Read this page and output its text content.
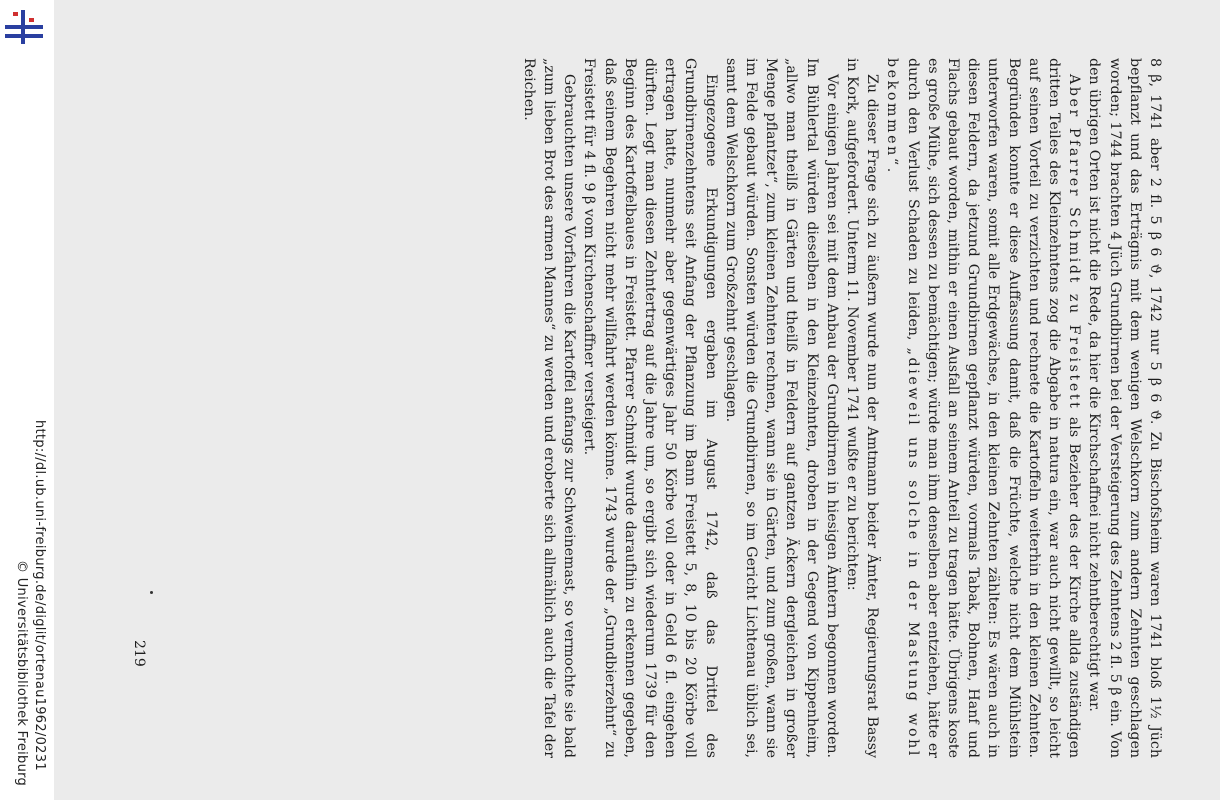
http://dl.ub.uni-freiburg.de/diglit/ortenau1962/0231
© Universitätsbibliothek Freiburg	8 β, 1741 aber 2 fl. 5 β 6 ϑ, 1742 nur 5 β 6 ϑ. Zu Bischofsheim waren 1741 bloß 1½ Jüch bepflanzt und das Erträgnis mit dem wenigen Welschkorn zum andern Zehnten geschlagen worden; 1744 brachten 4 Jüch Grundbirnen bei der Versteigerung des Zehntens 2 fl. 5 β ein. Von den übrigen Orten ist nicht die Rede, da hier die Kirchschaffnei nicht zehntberechtigt war.

Aber Pfarrer Schmidt zu Freistett als Bezieher des der Kirche allda zuständigen dritten Teiles des Kleinzehntens zog die Abgabe in natura ein, war auch nicht gewillt, so leicht auf seinen Vorteil zu verzichten und rechnete die Kartoffeln weiterhin in den kleinen Zehnten. Begründen konnte er diese Auffassung damit, daß die Früchte, welche nicht dem Mühlstein unterworfen waren, somit alle Erdgewächse, in den kleinen Zehnten zählten: Es wären auch in diesen Feldern, da jetzund Grundbirnen gepflanzt würden, vormals Tabak, Bohnen, Hanf und Flachs gebaut worden, mithin er einen Ausfall an seinem Anteil zu tragen hätte. Übrigens koste es große Mühe, sich dessen zu bemächtigen; würde man ihm denselben aber entziehen, hätte er durch den Verlust Schaden zu leiden, „dieweil uns solche in der Mastung wohl bekommen“.

Zu dieser Frage sich zu äußern wurde nun der Amtmann beider Ämter, Regierungsrat Bassy in Kork, aufgefordert. Unterm 11. November 1741 wußte er zu berichten:

Vor einigen Jahren sei mit dem Anbau der Grundbirnen in hiesigen Ämtern begonnen worden. Im Bühlertal würden dieselben in den Kleinzehnten, droben in der Gegend von Kippenheim, „allwo man theilß in Gärten und theilß in Feldern auf gantzen Äckern dergleichen in großer Menge pflantzet“, zum kleinen Zehnten rechnen, wann sie in Gärten, und zum großen, wann sie im Felde gebaut würden. Sonsten würden die Grundbirnen, so im Gericht Lichtenau üblich sei, samt dem Welschkorn zum Großzehnt geschlagen.

Eingezogene Erkundigungen ergaben im August 1742, daß das Drittel des Grundbirnenzehntens seit Anfang der Pflanzung im Bann Freistett 5, 8, 10 bis 20 Körbe voll ertragen hatte, nunmehr aber gegenwärtiges Jahr 50 Körbe voll oder in Geld 6 fl. eingehen dürften. Legt man diesen Zehntertrag auf die Jahre um, so ergibt sich wiederum 1739 für den Beginn des Kartoffelbaues in Freistett. Pfarrer Schmidt wurde daraufhin zu erkennen gegeben, daß seinem Begehren nicht mehr willfahrt werden könne. 1743 wurde der „Grundbierzehnt“ zu Freistett für 4 fl. 9 β vom Kirchenschaffner versteigert.

Gebrauchten unsere Vorfahren die Kartoffel anfangs zur Schweinemast, so vermochte sie bald „zum lieben Brot des armen Mannes“ zu werden und eroberte sich allmählich auch die Tafel der Reichen.

219
